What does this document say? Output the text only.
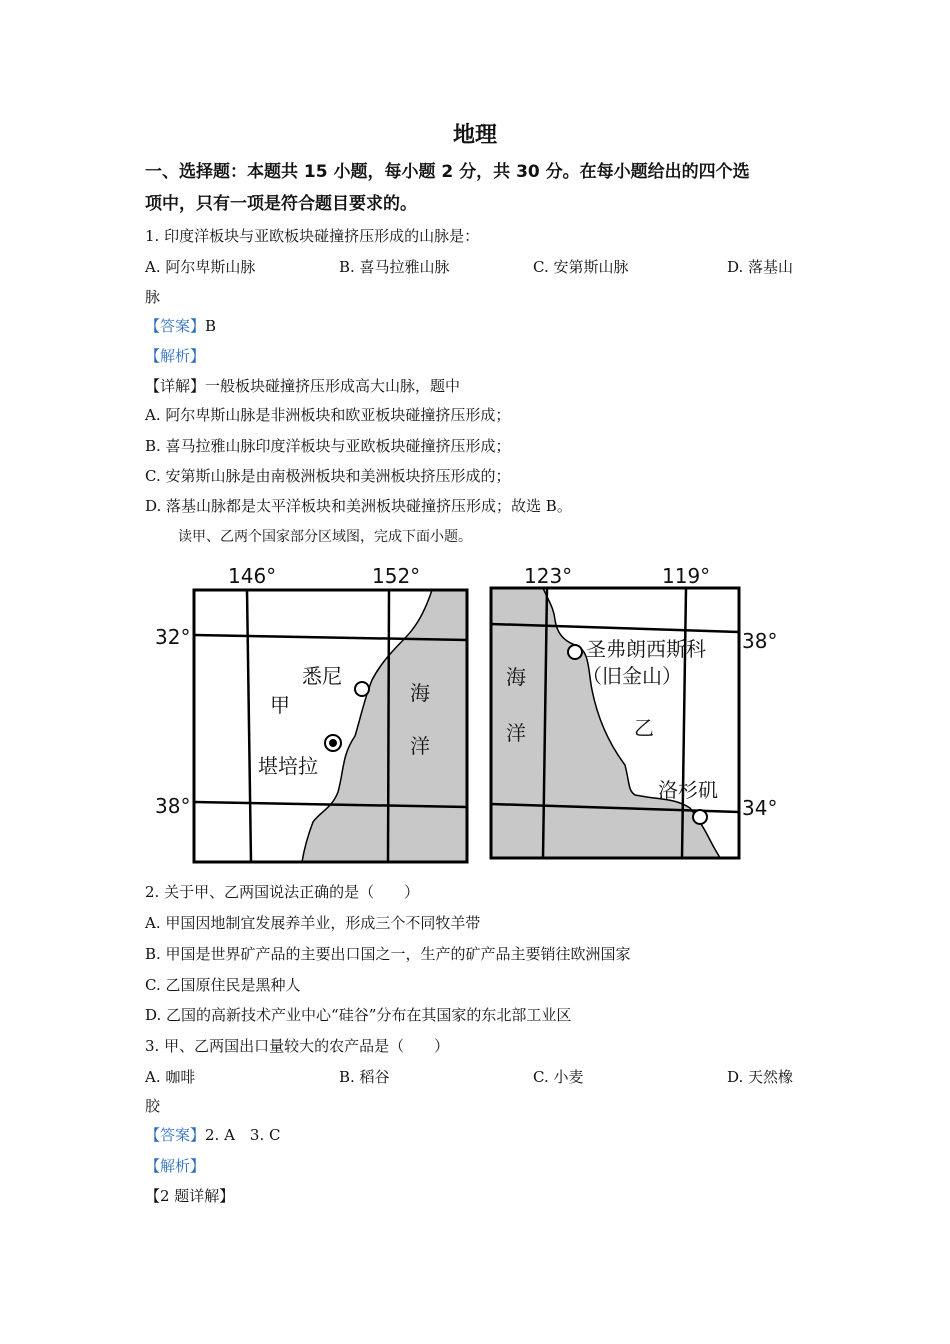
地理
一、选择题：本题共 15 小题，每小题 2 分，共 30 分。在每小题给出的四个选
项中，只有一项是符合题目要求的。
1. 印度洋板块与亚欧板块碰撞挤压形成的山脉是：
A. 阿尔卑斯山脉	B. 喜马拉雅山脉	C. 安第斯山脉	D. 落基山
脉
【答案】B
【解析】
【详解】一般板块碰撞挤压形成高大山脉，题中
A. 阿尔卑斯山脉是非洲板块和欧亚板块碰撞挤压形成；
B. 喜马拉雅山脉印度洋板块与亚欧板块碰撞挤压形成；
C. 安第斯山脉是由南极洲板块和美洲板块挤压形成的；
D. 落基山脉都是太平洋板块和美洲板块碰撞挤压形成；故选 B。
读甲、乙两个国家部分区域图，完成下面小题。
146°	152°
32°
38°
悉尼
甲
堪培拉
海
洋
123°	119°
38°
34°
圣弗朗西斯科
（旧金山）
乙
洛杉矶
海
洋
2. 关于甲、乙两国说法正确的是（　　）
A. 甲国因地制宜发展养羊业，形成三个不同牧羊带
B. 甲国是世界矿产品的主要出口国之一，生产的矿产品主要销往欧洲国家
C. 乙国原住民是黑种人
D. 乙国的高新技术产业中心“硅谷”分布在其国家的东北部工业区
3. 甲、乙两国出口量较大的农产品是（　　）
A. 咖啡	B. 稻谷	C. 小麦	D. 天然橡
胶
【答案】2. A　3. C
【解析】
【2 题详解】
